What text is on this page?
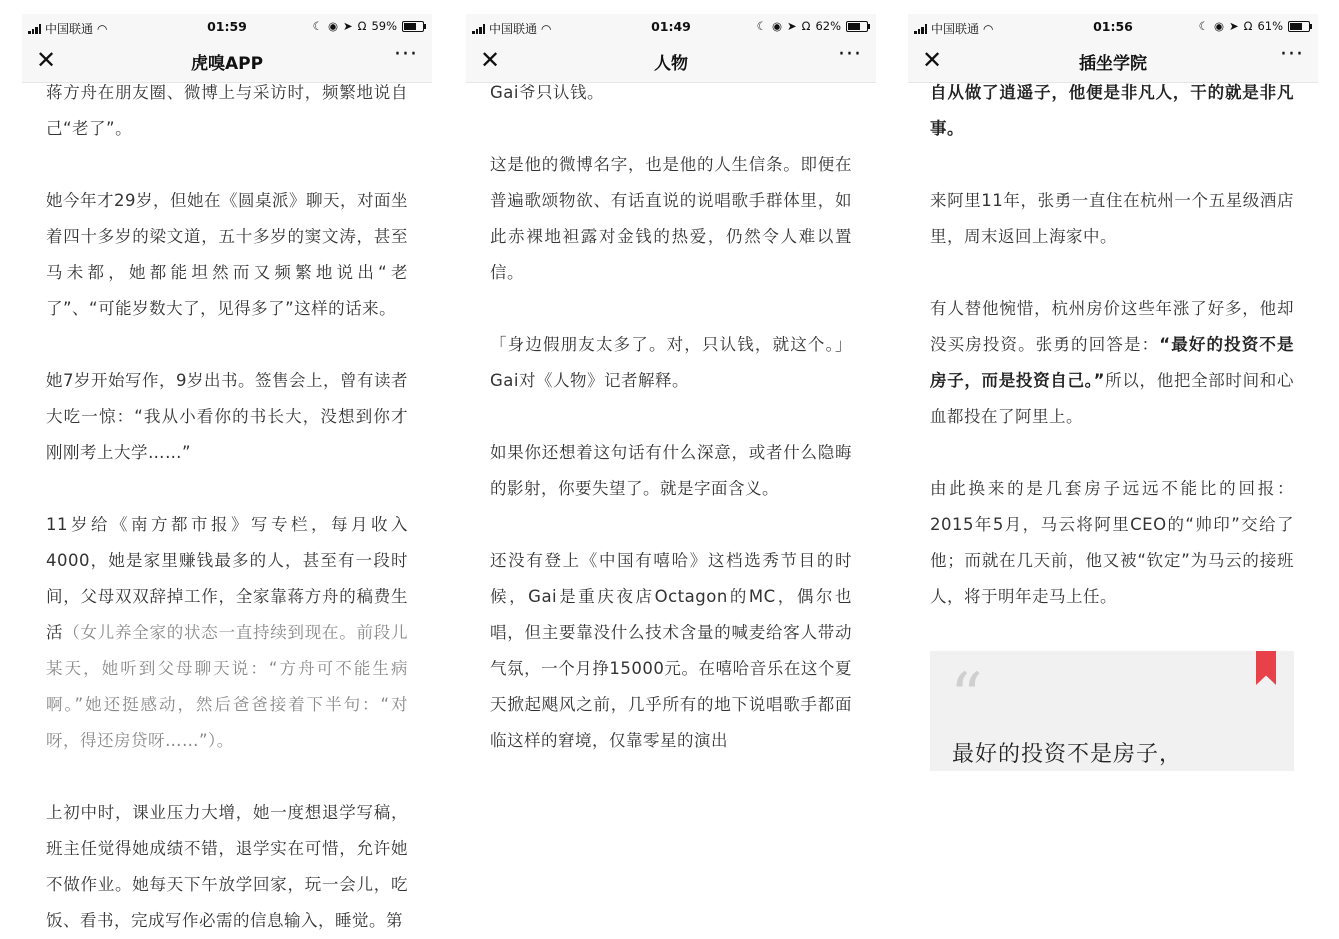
中国联通 ◠	01:59	☾ ◉ ➤ Ω 59%
✕	虎嗅APP	···

蒋方舟在朋友圈、微博上与采访时，频繁地说自己“老了”。

她今年才29岁，但她在《圆桌派》聊天，对面坐着四十多岁的梁文道，五十多岁的窦文涛，甚至马未都，她都能坦然而又频繁地说出“老了”、“可能岁数大了，见得多了”这样的话来。

她7岁开始写作，9岁出书。签售会上，曾有读者大吃一惊：“我从小看你的书长大，没想到你才刚刚考上大学……”

11岁给《南方都市报》写专栏，每月收入4000，她是家里赚钱最多的人，甚至有一段时间，父母双双辞掉工作，全家靠蒋方舟的稿费生活（女儿养全家的状态一直持续到现在。前段儿某天，她听到父母聊天说：“方舟可不能生病啊。”她还挺感动，然后爸爸接着下半句：“对呀，得还房贷呀……”）。

上初中时，课业压力大增，她一度想退学写稿，班主任觉得她成绩不错，退学实在可惜，允许她不做作业。她每天下午放学回家，玩一会儿，吃饭、看书，完成写作必需的信息输入，睡觉。第

中国联通 ◠	01:49	☾ ◉ ➤ Ω 62%
✕	人物	···

Gai爷只认钱。

这是他的微博名字，也是他的人生信条。即便在普遍歌颂物欲、有话直说的说唱歌手群体里，如此赤裸地袒露对金钱的热爱，仍然令人难以置信。

「身边假朋友太多了。对，只认钱，就这个。」Gai对《人物》记者解释。

如果你还想着这句话有什么深意，或者什么隐晦的影射，你要失望了。就是字面含义。

还没有登上《中国有嘻哈》这档选秀节目的时候，Gai是重庆夜店Octagon的MC，偶尔也唱，但主要靠没什么技术含量的喊麦给客人带动气氛，一个月挣15000元。在嘻哈音乐在这个夏天掀起飓风之前，几乎所有的地下说唱歌手都面临这样的窘境，仅靠零星的演出

中国联通 ◠	01:56	☾ ◉ ➤ Ω 61%
✕	插坐学院	···

自从做了逍遥子，他便是非凡人，干的就是非凡事。

来阿里11年，张勇一直住在杭州一个五星级酒店里，周末返回上海家中。

有人替他惋惜，杭州房价这些年涨了好多，他却没买房投资。张勇的回答是：“最好的投资不是房子，而是投资自己。”所以，他把全部时间和心血都投在了阿里上。

由此换来的是几套房子远远不能比的回报：2015年5月，马云将阿里CEO的“帅印”交给了他；而就在几天前，他又被“钦定”为马云的接班人，将于明年走马上任。

“
最好的投资不是房子，
